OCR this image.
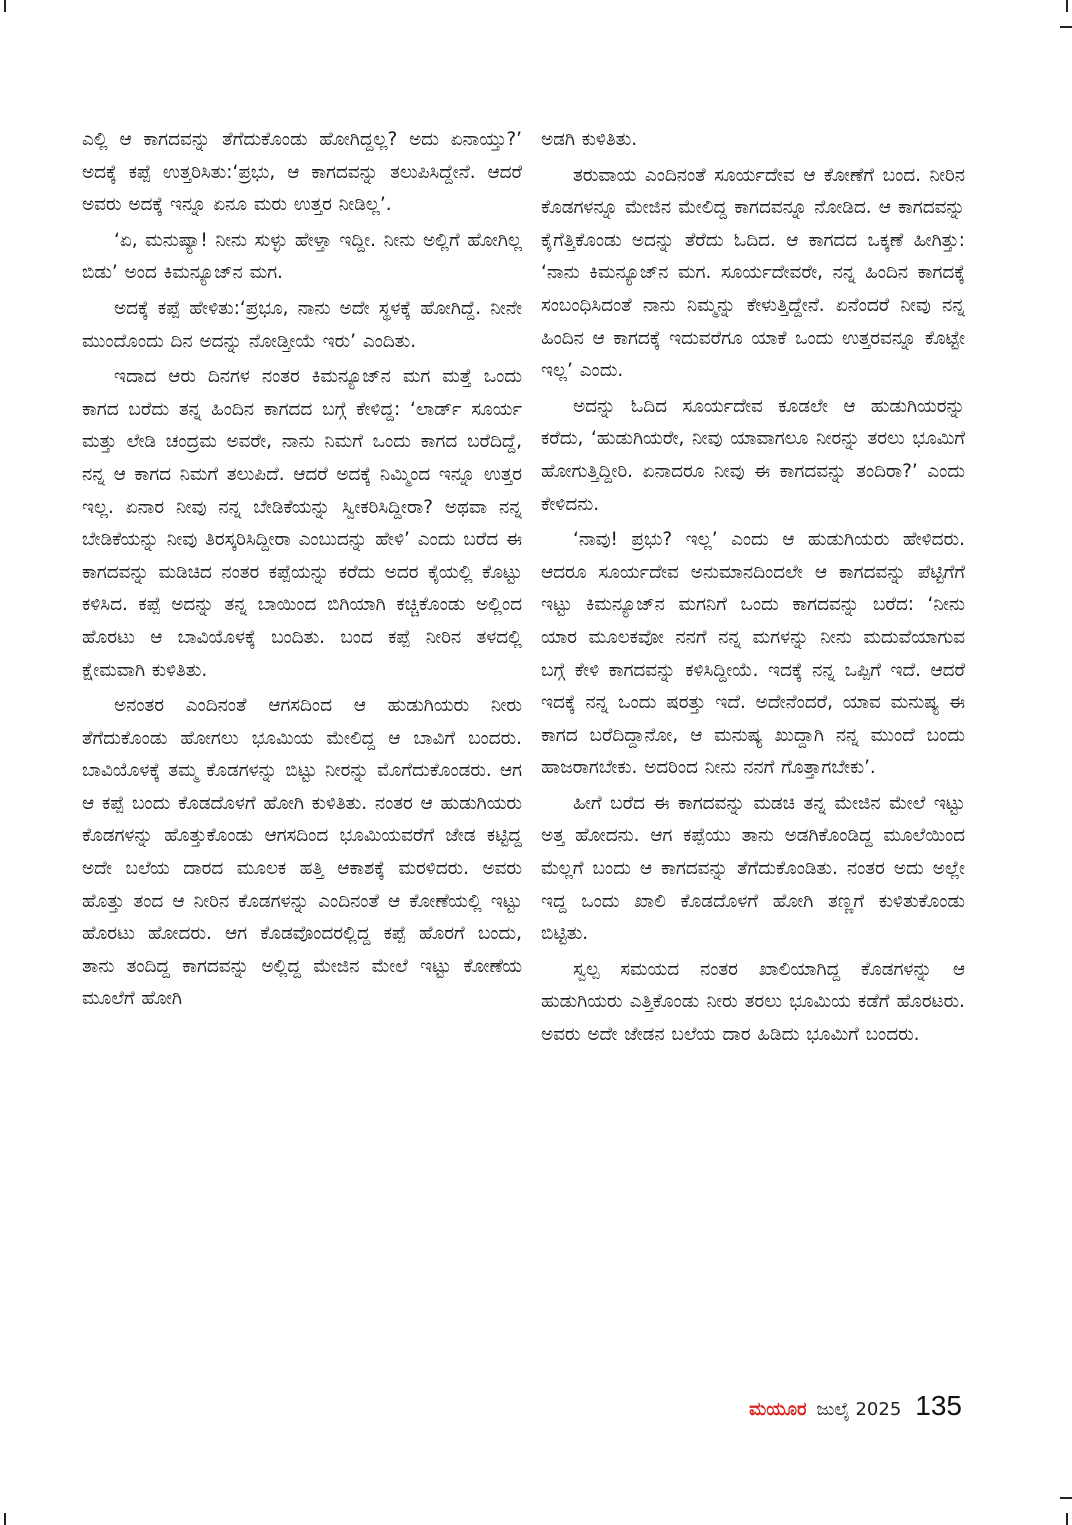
ಎಲ್ಲಿ ಆ ಕಾಗದವನ್ನು ತೆಗೆದುಕೊಂಡು ಹೋಗಿದ್ದಲ್ಲ? ಅದು ಏನಾಯ್ತು?’ ಅದಕ್ಕೆ ಕಪ್ಪೆ ಉತ್ತರಿಸಿತು:‘ಪ್ರಭು, ಆ ಕಾಗದವನ್ನು ತಲುಪಿಸಿದ್ದೇನೆ. ಆದರೆ ಅವರು ಅದಕ್ಕೆ ಇನ್ನೂ ಏನೂ ಮರು ಉತ್ತರ ನೀಡಿಲ್ಲ’.

‘ಏ, ಮನುಷ್ಯಾ! ನೀನು ಸುಳ್ಳು ಹೇಳ್ತಾ ಇದ್ದೀ. ನೀನು ಅಲ್ಲಿಗೆ ಹೋಗಿಲ್ಲ ಬಿಡು’ ಅಂದ ಕಿಮನ್ಯೂಜ್‌ನ ಮಗ.

ಅದಕ್ಕೆ ಕಪ್ಪೆ ಹೇಳಿತು:‘ಪ್ರಭೂ, ನಾನು ಅದೇ ಸ್ಥಳಕ್ಕೆ ಹೋಗಿದ್ದೆ. ನೀನೇ ಮುಂದೊಂದು ದಿನ ಅದನ್ನು ನೋಡ್ತೀಯೆ ಇರು’ ಎಂದಿತು.

ಇದಾದ ಆರು ದಿನಗಳ ನಂತರ ಕಿಮನ್ಯೂಜ್‌ನ ಮಗ ಮತ್ತೆ ಒಂದು ಕಾಗದ ಬರೆದು ತನ್ನ ಹಿಂದಿನ ಕಾಗದದ ಬಗ್ಗೆ ಕೇಳಿದ್ದ: ‘ಲಾರ್ಡ್ ಸೂರ್ಯ ಮತ್ತು ಲೇಡಿ ಚಂದ್ರಮ ಅವರೇ, ನಾನು ನಿಮಗೆ ಒಂದು ಕಾಗದ ಬರೆದಿದ್ದೆ, ನನ್ನ ಆ ಕಾಗದ ನಿಮಗೆ ತಲುಪಿದೆ. ಆದರೆ ಅದಕ್ಕೆ ನಿಮ್ಮಿಂದ ಇನ್ನೂ ಉತ್ತರ ಇಲ್ಲ. ಏನಾರ ನೀವು ನನ್ನ ಬೇಡಿಕೆಯನ್ನು ಸ್ವೀಕರಿಸಿದ್ದೀರಾ? ಅಥವಾ ನನ್ನ ಬೇಡಿಕೆಯನ್ನು ನೀವು ತಿರಸ್ಕರಿಸಿದ್ದೀರಾ ಎಂಬುದನ್ನು ಹೇಳಿ’ ಎಂದು ಬರೆದ ಈ ಕಾಗದವನ್ನು ಮಡಿಚಿದ ನಂತರ ಕಪ್ಪೆಯನ್ನು ಕರೆದು ಅದರ ಕೈಯಲ್ಲಿ ಕೊಟ್ಟು ಕಳಿಸಿದ. ಕಪ್ಪೆ ಅದನ್ನು ತನ್ನ ಬಾಯಿಂದ ಬಿಗಿಯಾಗಿ ಕಚ್ಚಿಕೊಂಡು ಅಲ್ಲಿಂದ ಹೊರಟು ಆ ಬಾವಿಯೊಳಕ್ಕೆ ಬಂದಿತು. ಬಂದ ಕಪ್ಪೆ ನೀರಿನ ತಳದಲ್ಲಿ ಕ್ಷೇಮವಾಗಿ ಕುಳಿತಿತು.

ಅನಂತರ ಎಂದಿನಂತೆ ಆಗಸದಿಂದ ಆ ಹುಡುಗಿಯರು ನೀರು ತೆಗೆದುಕೊಂಡು ಹೋಗಲು ಭೂಮಿಯ ಮೇಲಿದ್ದ ಆ ಬಾವಿಗೆ ಬಂದರು. ಬಾವಿಯೊಳಕ್ಕೆ ತಮ್ಮ ಕೊಡಗಳನ್ನು ಬಿಟ್ಟು ನೀರನ್ನು ಮೊಗೆದುಕೊಂಡರು. ಆಗ ಆ ಕಪ್ಪೆ ಬಂದು ಕೊಡದೊಳಗೆ ಹೋಗಿ ಕುಳಿತಿತು. ನಂತರ ಆ ಹುಡುಗಿಯರು ಕೊಡಗಳನ್ನು ಹೊತ್ತುಕೊಂಡು ಆಗಸದಿಂದ ಭೂಮಿಯವರೆಗೆ ಜೇಡ ಕಟ್ಟಿದ್ದ ಅದೇ ಬಲೆಯ ದಾರದ ಮೂಲಕ ಹತ್ತಿ ಆಕಾಶಕ್ಕೆ ಮರಳಿದರು. ಅವರು ಹೊತ್ತು ತಂದ ಆ ನೀರಿನ ಕೊಡಗಳನ್ನು ಎಂದಿನಂತೆ ಆ ಕೋಣೆಯಲ್ಲಿ ಇಟ್ಟು ಹೊರಟು ಹೋದರು. ಆಗ ಕೊಡವೊಂದರಲ್ಲಿದ್ದ ಕಪ್ಪೆ ಹೊರಗೆ ಬಂದು, ತಾನು ತಂದಿದ್ದ ಕಾಗದವನ್ನು ಅಲ್ಲಿದ್ದ ಮೇಜಿನ ಮೇಲೆ ಇಟ್ಟು ಕೋಣೆಯ ಮೂಲೆಗೆ ಹೋಗಿ

ಅಡಗಿ ಕುಳಿತಿತು.

ತರುವಾಯ ಎಂದಿನಂತೆ ಸೂರ್ಯದೇವ ಆ ಕೋಣೆಗೆ ಬಂದ. ನೀರಿನ ಕೊಡಗಳನ್ನೂ ಮೇಜಿನ ಮೇಲಿದ್ದ ಕಾಗದವನ್ನೂ ನೋಡಿದ. ಆ ಕಾಗದವನ್ನು ಕೈಗೆತ್ತಿಕೊಂಡು ಅದನ್ನು ತೆರೆದು ಓದಿದ. ಆ ಕಾಗದದ ಒಕ್ಕಣೆ ಹೀಗಿತ್ತು: ‘ನಾನು ಕಿಮನ್ಯೂಜ್‌ನ ಮಗ. ಸೂರ್ಯದೇವರೇ, ನನ್ನ ಹಿಂದಿನ ಕಾಗದಕ್ಕೆ ಸಂಬಂಧಿಸಿದಂತೆ ನಾನು ನಿಮ್ಮನ್ನು ಕೇಳುತ್ತಿದ್ದೇನೆ. ಏನೆಂದರೆ ನೀವು ನನ್ನ ಹಿಂದಿನ ಆ ಕಾಗದಕ್ಕೆ ಇದುವರೆಗೂ ಯಾಕೆ ಒಂದು ಉತ್ತರವನ್ನೂ ಕೊಟ್ಟೇ ಇಲ್ಲ’ ಎಂದು.

ಅದನ್ನು ಓದಿದ ಸೂರ್ಯದೇವ ಕೂಡಲೇ ಆ ಹುಡುಗಿಯರನ್ನು ಕರೆದು, ‘ಹುಡುಗಿಯರೇ, ನೀವು ಯಾವಾಗಲೂ ನೀರನ್ನು ತರಲು ಭೂಮಿಗೆ ಹೋಗುತ್ತಿದ್ದೀರಿ. ಏನಾದರೂ ನೀವು ಈ ಕಾಗದವನ್ನು ತಂದಿರಾ?’ ಎಂದು ಕೇಳಿದನು.

‘ನಾವು! ಪ್ರಭು? ಇಲ್ಲ’ ಎಂದು ಆ ಹುಡುಗಿಯರು ಹೇಳಿದರು. ಆದರೂ ಸೂರ್ಯದೇವ ಅನುಮಾನದಿಂದಲೇ ಆ ಕಾಗದವನ್ನು ಪೆಟ್ಟಿಗೆಗೆ ಇಟ್ಟು ಕಿಮನ್ಯೂಜ್‌ನ ಮಗನಿಗೆ ಒಂದು ಕಾಗದವನ್ನು ಬರೆದ: ‘ನೀನು ಯಾರ ಮೂಲಕವೋ ನನಗೆ ನನ್ನ ಮಗಳನ್ನು ನೀನು ಮದುವೆಯಾಗುವ ಬಗ್ಗೆ ಕೇಳಿ ಕಾಗದವನ್ನು ಕಳಿಸಿದ್ದೀಯೆ. ಇದಕ್ಕೆ ನನ್ನ ಒಪ್ಪಿಗೆ ಇದೆ. ಆದರೆ ಇದಕ್ಕೆ ನನ್ನ ಒಂದು ಷರತ್ತು ಇದೆ. ಅದೇನೆಂದರೆ, ಯಾವ ಮನುಷ್ಯ ಈ ಕಾಗದ ಬರೆದಿದ್ದಾನೋ, ಆ ಮನುಷ್ಯ ಖುದ್ದಾಗಿ ನನ್ನ ಮುಂದೆ ಬಂದು ಹಾಜರಾಗಬೇಕು. ಅದರಿಂದ ನೀನು ನನಗೆ ಗೊತ್ತಾಗಬೇಕು’.

ಹೀಗೆ ಬರೆದ ಈ ಕಾಗದವನ್ನು ಮಡಚಿ ತನ್ನ ಮೇಜಿನ ಮೇಲೆ ಇಟ್ಟು ಅತ್ತ ಹೋದನು. ಆಗ ಕಪ್ಪೆಯು ತಾನು ಅಡಗಿಕೊಂಡಿದ್ದ ಮೂಲೆಯಿಂದ ಮೆಲ್ಲಗೆ ಬಂದು ಆ ಕಾಗದವನ್ನು ತೆಗೆದುಕೊಂಡಿತು. ನಂತರ ಅದು ಅಲ್ಲೇ ಇದ್ದ ಒಂದು ಖಾಲಿ ಕೊಡದೊಳಗೆ ಹೋಗಿ ತಣ್ಣಗೆ ಕುಳಿತುಕೊಂಡು ಬಿಟ್ಟಿತು.

ಸ್ವಲ್ಪ ಸಮಯದ ನಂತರ ಖಾಲಿಯಾಗಿದ್ದ ಕೊಡಗಳನ್ನು ಆ ಹುಡುಗಿಯರು ಎತ್ತಿಕೊಂಡು ನೀರು ತರಲು ಭೂಮಿಯ ಕಡೆಗೆ ಹೊರಟರು. ಅವರು ಅದೇ ಜೇಡನ ಬಲೆಯ ದಾರ ಹಿಡಿದು ಭೂಮಿಗೆ ಬಂದರು.

ಮಯೂರ ಜುಲೈ 2025 135
